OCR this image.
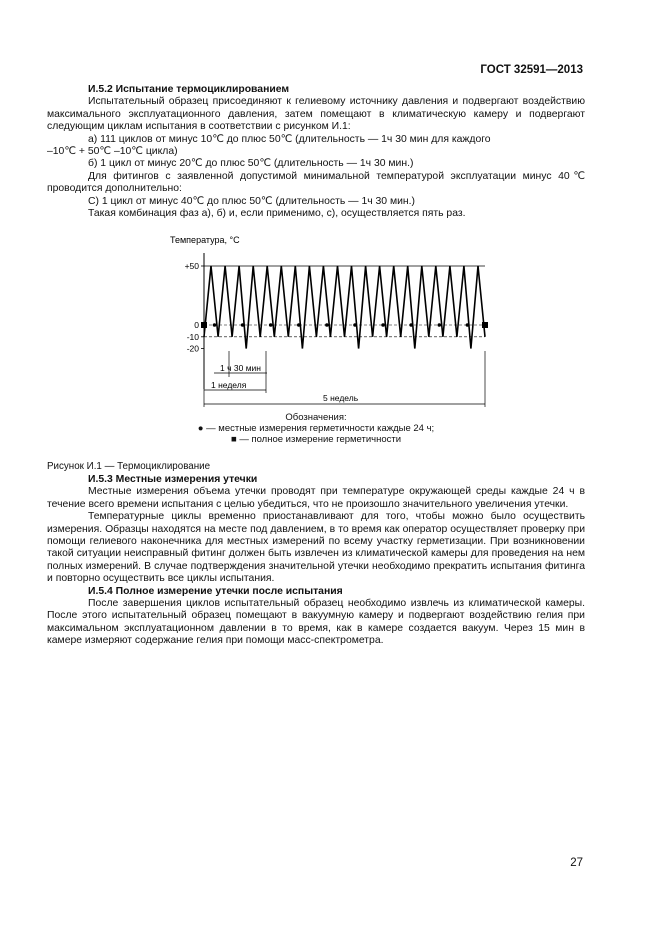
ГОСТ 32591—2013

И.5.2 Испытание термоциклированием

Испытательный образец присоединяют к гелиевому источнику давления и подвергают воздействию максимального эксплуатационного давления, затем помещают в климатическую камеру и подвергают следующим циклам испытания в соответствии с рисунком И.1:

а) 111 циклов от минус 10℃ до плюс 50℃ (длительность — 1ч 30 мин для каждого

–10℃ + 50℃ –10℃ цикла)

б) 1 цикл от минус 20℃ до плюс 50℃ (длительность — 1ч 30 мин.)

Для фитингов с заявленной допустимой минимальной температурой эксплуатации минус 40℃ проводится дополнительно:

С) 1 цикл от минус 40℃ до плюс 50℃ (длительность — 1ч 30 мин.)

Такая комбинация фаз а), б) и, если применимо, с), осуществляется пять раз.

Температура, °С
+50
0
-10
-20
1 ч 30 мин
1 неделя
5 недель
Обозначения:
● — местные измерения герметичности каждые 24 ч;
■ — полное измерение герметичности

Рисунок И.1 — Термоциклирование

И.5.3 Местные измерения утечки

Местные измерения объема утечки проводят при температуре окружающей среды каждые 24 ч в течение всего времени испытания с целью убедиться, что не произошло значительного увеличения утечки.

Температурные циклы временно приостанавливают для того, чтобы можно было осуществить измерения. Образцы находятся на месте под давлением, в то время как оператор осуществляет проверку при помощи гелиевого наконечника для местных измерений по всему участку герметизации. При возникновении такой ситуации неисправный фитинг должен быть извлечен из климатической камеры для проведения на нем полных измерений. В случае подтверждения значительной утечки необходимо прекратить испытания фитинга и повторно осуществить все циклы испытания.

И.5.4 Полное измерение утечки после испытания

После завершения циклов испытательный образец необходимо извлечь из климатической камеры. После этого испытательный образец помещают в вакуумную камеру и подвергают воздействию гелия при максимальном эксплуатационном давлении в то время, как в камере создается вакуум. Через 15 мин в камере измеряют содержание гелия при помощи масс-спектрометра.

27
